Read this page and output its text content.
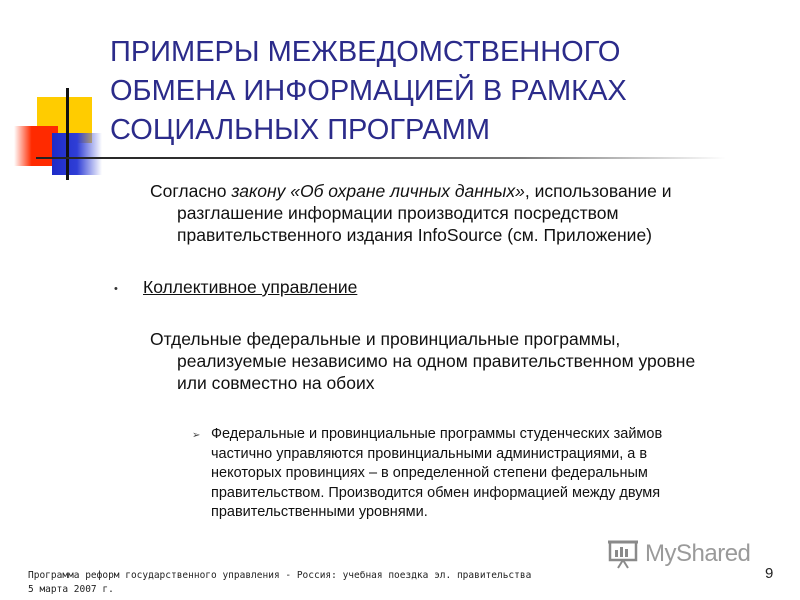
ПРИМЕРЫ МЕЖВЕДОМСТВЕННОГО
ОБМЕНА ИНФОРМАЦИЕЙ В РАМКАХ
СОЦИАЛЬНЫХ ПРОГРАММ
Согласно закону «Об охране личных данных», использование и
разглашение информации производится посредством
правительственного издания InfoSource (см. Приложение)
• Коллективное управление
Отдельные федеральные и провинциальные программы,
реализуемые независимо на одном правительственном уровне
или совместно на обоих
➢ Федеральные и провинциальные программы студенческих займов
частично управляются провинциальными администрациями, а в
некоторых провинциях – в определенной степени федеральным
правительством. Производится обмен информацией между двумя
правительственными уровнями.
MyShared
Программа реформ государственного управления - Россия: учебная поездка эл. правительства
5 марта 2007 г.
9
